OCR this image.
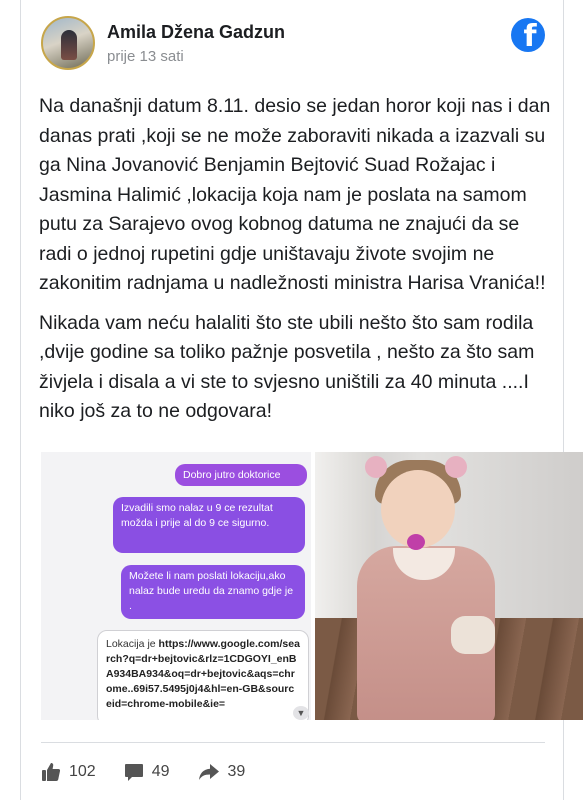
Amila Džena Gadzun
prije 13 sati
f

Na današnji datum 8.11. desio se jedan horor koji nas i dan danas prati ,koji se ne može zaboraviti nikada a izazvali su ga Nina Jovanović Benjamin Bejtović Suad Rožajac i Jasmina Halimić ,lokacija koja nam je poslata na samom putu za Sarajevo ovog kobnog datuma ne znajući da se radi o jednoj rupetini gdje uništavaju živote svojim ne zakonitim radnjama u nadležnosti ministra Harisa Vranića!!

Nikada vam neću halaliti što ste ubili nešto što sam rodila ,dvije godine sa toliko pažnje posvetila , nešto za što sam živjela i disala a vi ste to svjesno uništili za 40 minuta ....I niko još za to ne odgovara!

Dobro jutro doktorice
Izvadili smo nalaz u 9 ce rezultat možda i prije al do 9 ce sigurno.
Možete li nam poslati lokaciju,ako nalaz bude uredu da znamo gdje je .
Lokacija je https://www.google.com/search?q=dr+bejtovic&rlz=1CDGOYI_enBA934BA934&oq=dr+bejtovic&aqs=chrome..69i57.5495j0j4&hl=en-GB&sourceid=chrome-mobile&ie=
▼
102	49	39
